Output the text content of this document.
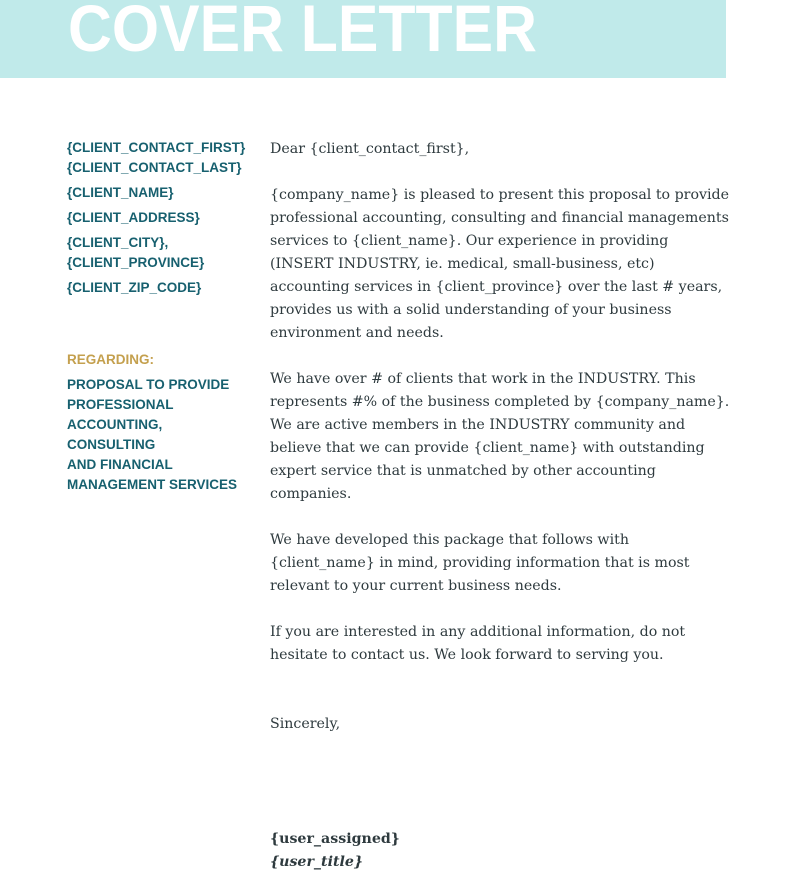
COVER LETTER
{CLIENT_CONTACT_FIRST}
{CLIENT_CONTACT_LAST}
{CLIENT_NAME}
{CLIENT_ADDRESS}
{CLIENT_CITY},
{CLIENT_PROVINCE}
{CLIENT_ZIP_CODE}
REGARDING:
PROPOSAL TO PROVIDE
PROFESSIONAL
ACCOUNTING, CONSULTING
AND FINANCIAL
MANAGEMENT SERVICES

Dear {client_contact_first},

{company_name} is pleased to present this proposal to provide professional accounting, consulting and financial managements services to {client_name}. Our experience in providing (INSERT INDUSTRY, ie. medical, small-business, etc) accounting services in {client_province} over the last # years, provides us with a solid understanding of your business environment and needs.

We have over # of clients that work in the INDUSTRY. This represents #% of the business completed by {company_name}. We are active members in the INDUSTRY community and believe that we can provide {client_name} with outstanding expert service that is unmatched by other accounting companies.

We have developed this package that follows with {client_name} in mind, providing information that is most relevant to your current business needs.

If you are interested in any additional information, do not hesitate to contact us. We look forward to serving you.

Sincerely,
{user_assigned}
{user_title}
